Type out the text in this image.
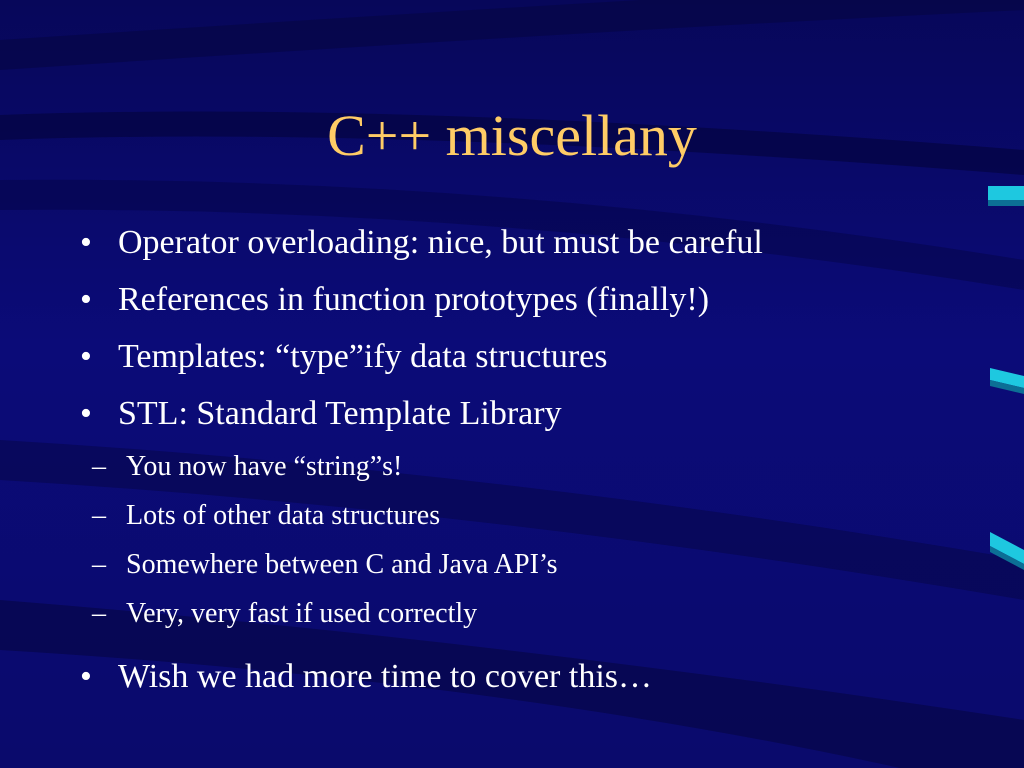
C++ miscellany
• Operator overloading: nice, but must be careful
• References in function prototypes (finally!)
• Templates: “type”ify data structures
• STL: Standard Template Library
– You now have “string”s!
– Lots of other data structures
– Somewhere between C and Java API’s
– Very, very fast if used correctly
• Wish we had more time to cover this…
